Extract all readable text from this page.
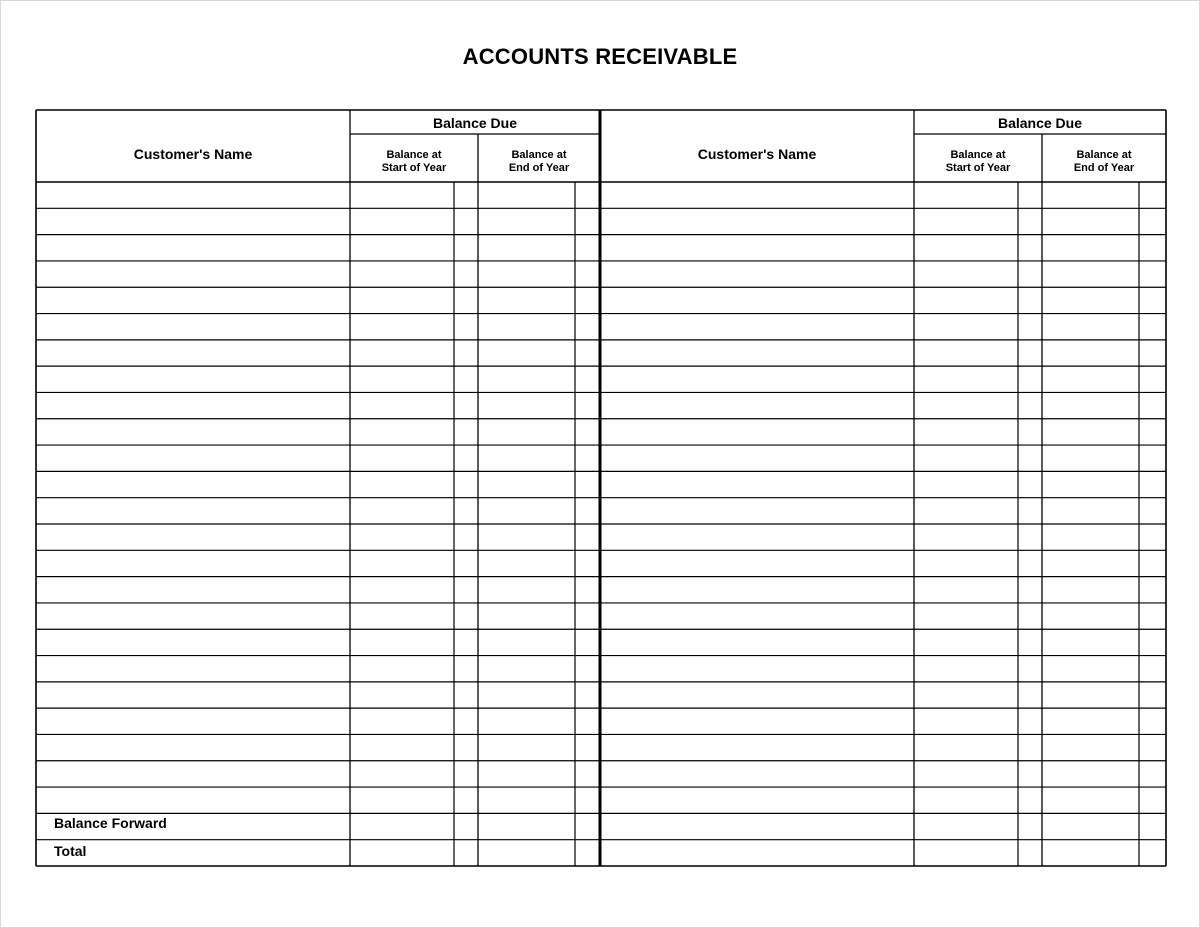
ACCOUNTS RECEIVABLE
Customer's Name
Balance Due
Balance at
Start of Year
Balance at
End of Year
Customer's Name
Balance Due
Balance at
Start of Year
Balance at
End of Year
Balance Forward
Total
